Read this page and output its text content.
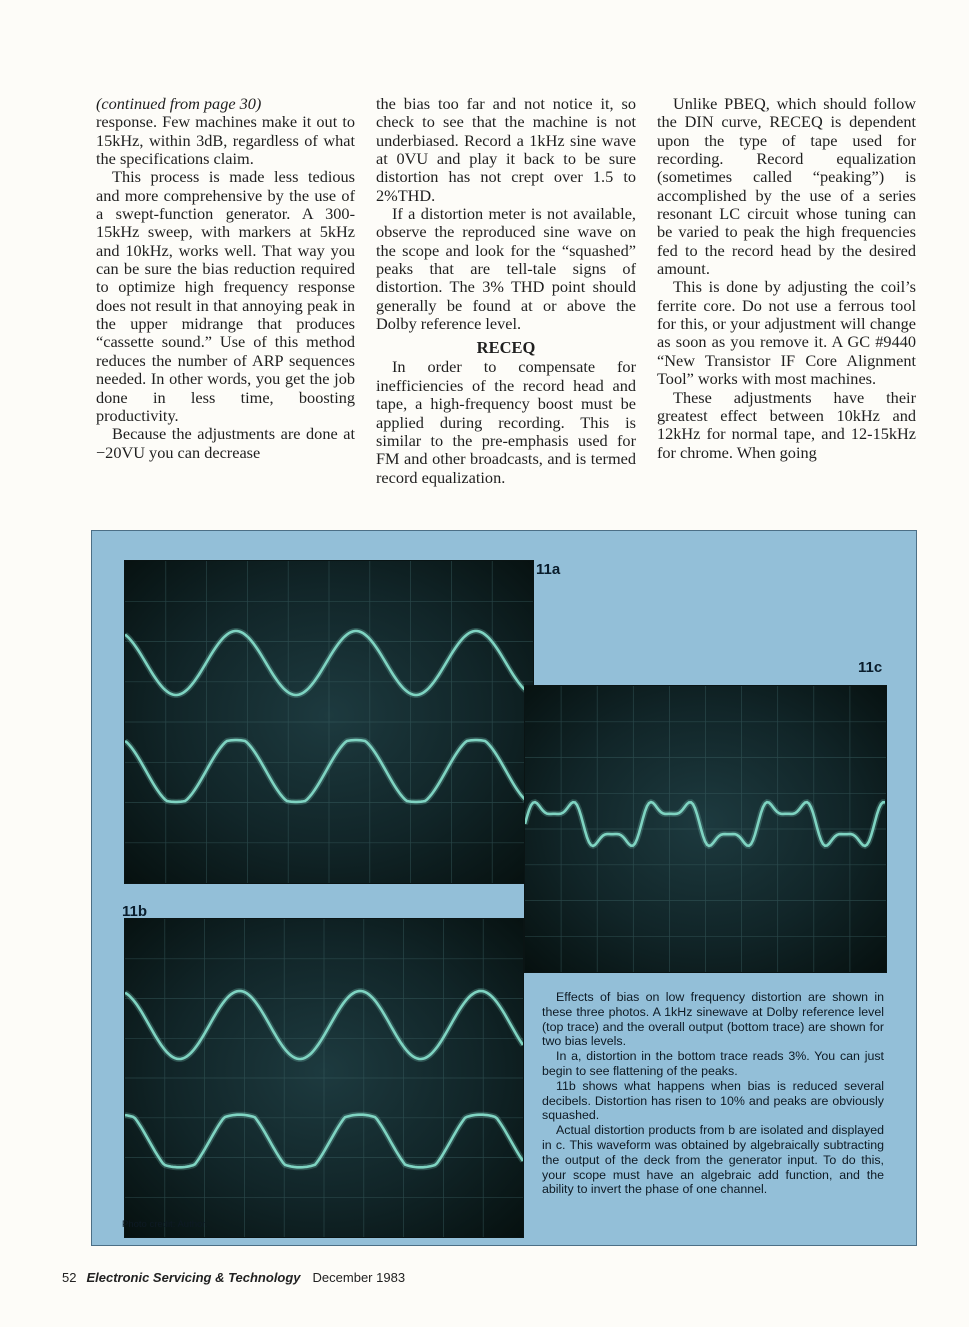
(continued from page 30)

response. Few machines make it out to 15kHz, within 3dB, regardless of what the specifications claim.

This process is made less tedious and more comprehensive by the use of a swept-function generator. A 300-15kHz sweep, with markers at 5kHz and 10kHz, works well. That way you can be sure the bias reduction required to optimize high frequency response does not result in that annoying peak in the upper midrange that produces “cassette sound.” Use of this method reduces the number of ARP sequences needed. In other words, you get the job done in less time, boosting productivity.

Because the adjustments are done at −20VU you can decrease

the bias too far and not notice it, so check to see that the machine is not underbiased. Record a 1kHz sine wave at 0VU and play it back to be sure distortion has not crept over 1.5 to 2%THD.

If a distortion meter is not available, observe the reproduced sine wave on the scope and look for the “squashed” peaks that are tell-tale signs of distortion. The 3% THD point should generally be found at or above the Dolby reference level.

RECEQ

In order to compensate for inefficiencies of the record head and tape, a high-frequency boost must be applied during recording. This is similar to the pre-emphasis used for FM and other broadcasts, and is termed record equalization.

Unlike PBEQ, which should follow the DIN curve, RECEQ is dependent upon the type of tape used for recording. Record equalization (sometimes called “peaking”) is accomplished by the use of a series resonant LC circuit whose tuning can be varied to peak the high frequencies fed to the record head by the desired amount.

This is done by adjusting the coil’s ferrite core. Do not use a ferrous tool for this, or your adjustment will change as soon as you remove it. A GC #9440 “New Transistor IF Core Alignment Tool” works with most machines.

These adjustments have their greatest effect between 10kHz and 12kHz for normal tape, and 12-15kHz for chrome. When going

11a
11c
11b

Effects of bias on low frequency distortion are shown in these three photos. A 1kHz sinewave at Dolby reference level (top trace) and the overall output (bottom trace) are shown for two bias levels.

In a, distortion in the bottom trace reads 3%. You can just begin to see flattening of the peaks.

11b shows what happens when bias is reduced several decibels. Distortion has risen to 10% and peaks are obviously squashed.

Actual distortion products from b are isolated and displayed in c. This waveform was obtained by algebraically subtracting the output of the deck from the generator input. To do this, your scope must have an algebraic add function, and the ability to invert the phase of one channel.

Photo credit: Author.
52 Electronic Servicing & Technology December 1983
